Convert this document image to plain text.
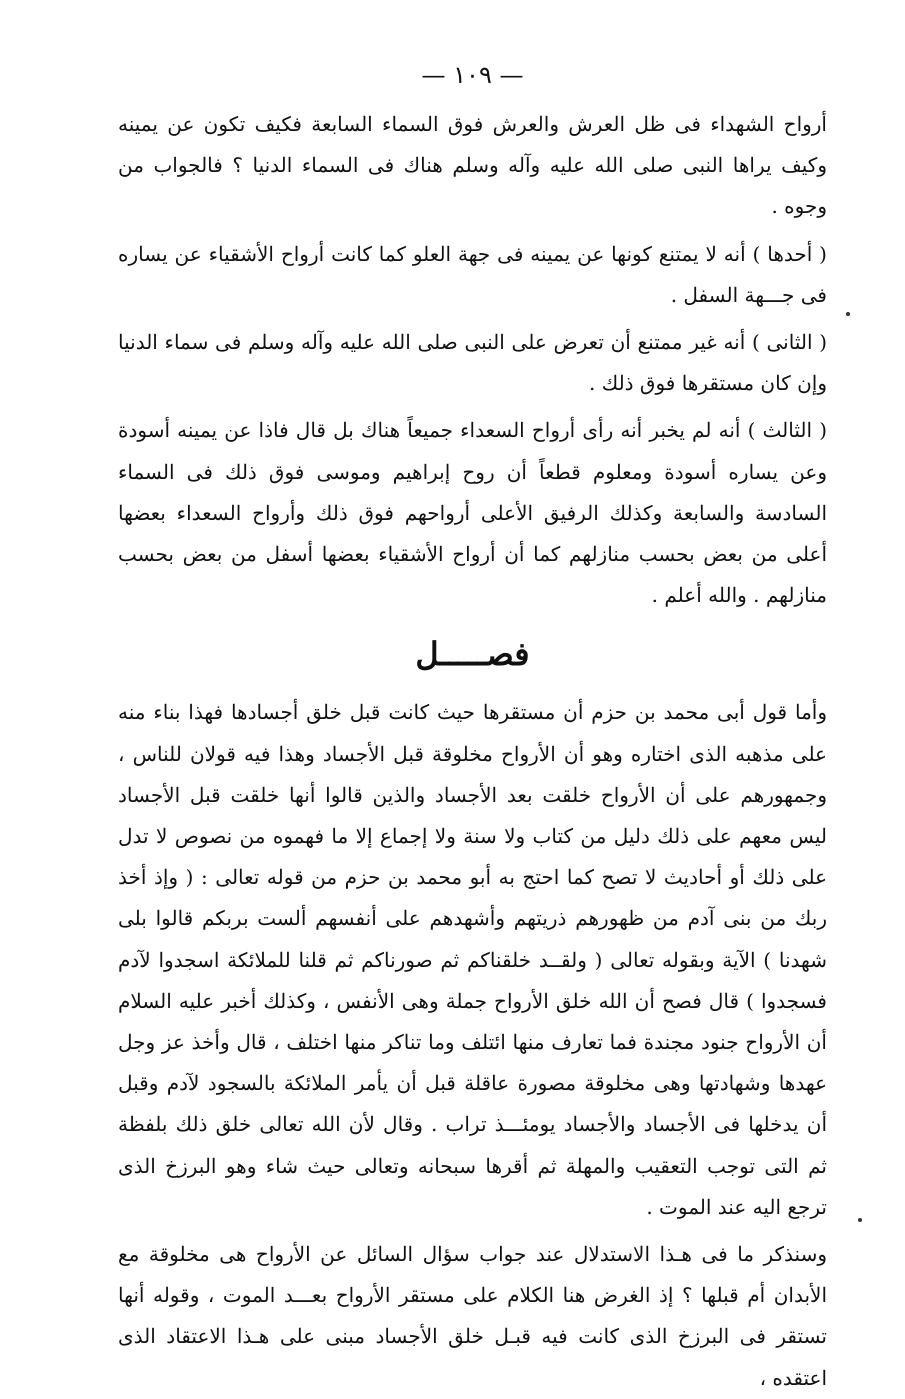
— ١٠٩ —

أرواح الشهداء فى ظل العرش والعرش فوق السماء السابعة فكيف تكون عن يمينه وكيف يراها النبى صلى الله عليه وآله وسلم هناك فى السماء الدنيا ؟ فالجواب من وجوه .

( أحدها ) أنه لا يمتنع كونها عن يمينه فى جهة العلو كما كانت أرواح الأشقياء عن يساره فى جـــهة السفل .

( الثانى ) أنه غير ممتنع أن تعرض على النبى صلى الله عليه وآله وسلم فى سماء الدنيا وإن كان مستقرها فوق ذلك .

( الثالث ) أنه لم يخبر أنه رأى أرواح السعداء جميعاً هناك بل قال فاذا عن يمينه أسودة وعن يساره أسودة ومعلوم قطعاً أن روح إبراهيم وموسى فوق ذلك فى السماء السادسة والسابعة وكذلك الرفيق الأعلى أرواحهم فوق ذلك وأرواح السعداء بعضها أعلى من بعض بحسب منازلهم كما أن أرواح الأشقياء بعضها أسفل من بعض بحسب منازلهم . والله أعلم .

فصـــــل

وأما قول أبى محمد بن حزم أن مستقرها حيث كانت قبل خلق أجسادها فهذا بناء منه على مذهبه الذى اختاره وهو أن الأرواح مخلوقة قبل الأجساد وهذا فيه قولان للناس ، وجمهورهم على أن الأرواح خلقت بعد الأجساد والذين قالوا أنها خلقت قبل الأجساد ليس معهم على ذلك دليل من كتاب ولا سنة ولا إجماع إلا ما فهموه من نصوص لا تدل على ذلك أو أحاديث لا تصح كما احتج به أبو محمد بن حزم من قوله تعالى : ( وإذ أخذ ربك من بنى آدم من ظهورهم ذريتهم وأشهدهم على أنفسهم ألست بربكم قالوا بلى شهدنا ) الآية وبقوله تعالى ( ولقــد خلقناكم ثم صورناكم ثم قلنا للملائكة اسجدوا لآدم فسجدوا ) قال فصح أن الله خلق الأرواح جملة وهى الأنفس ، وكذلك أخبر عليه السلام أن الأرواح جنود مجندة فما تعارف منها ائتلف وما تناكر منها اختلف ، قال وأخذ عز وجل عهدها وشهادتها وهى مخلوقة مصورة عاقلة قبل أن يأمر الملائكة بالسجود لآدم وقبل أن يدخلها فى الأجساد والأجساد يومئـــذ تراب . وقال لأن الله تعالى خلق ذلك بلفظة ثم التى توجب التعقيب والمهلة ثم أقرها سبحانه وتعالى حيث شاء وهو البرزخ الذى ترجع اليه عند الموت .

وسنذكر ما فى هـذا الاستدلال عند جواب سؤال السائل عن الأرواح هى مخلوقة مع الأبدان أم قبلها ؟ إذ الغرض هنا الكلام على مستقر الأرواح بعـــد الموت ، وقوله أنها تستقر فى البرزخ الذى كانت فيه قبـل خلق الأجساد مبنى على هـذا الاعتقاد الذى اعتقده ،
